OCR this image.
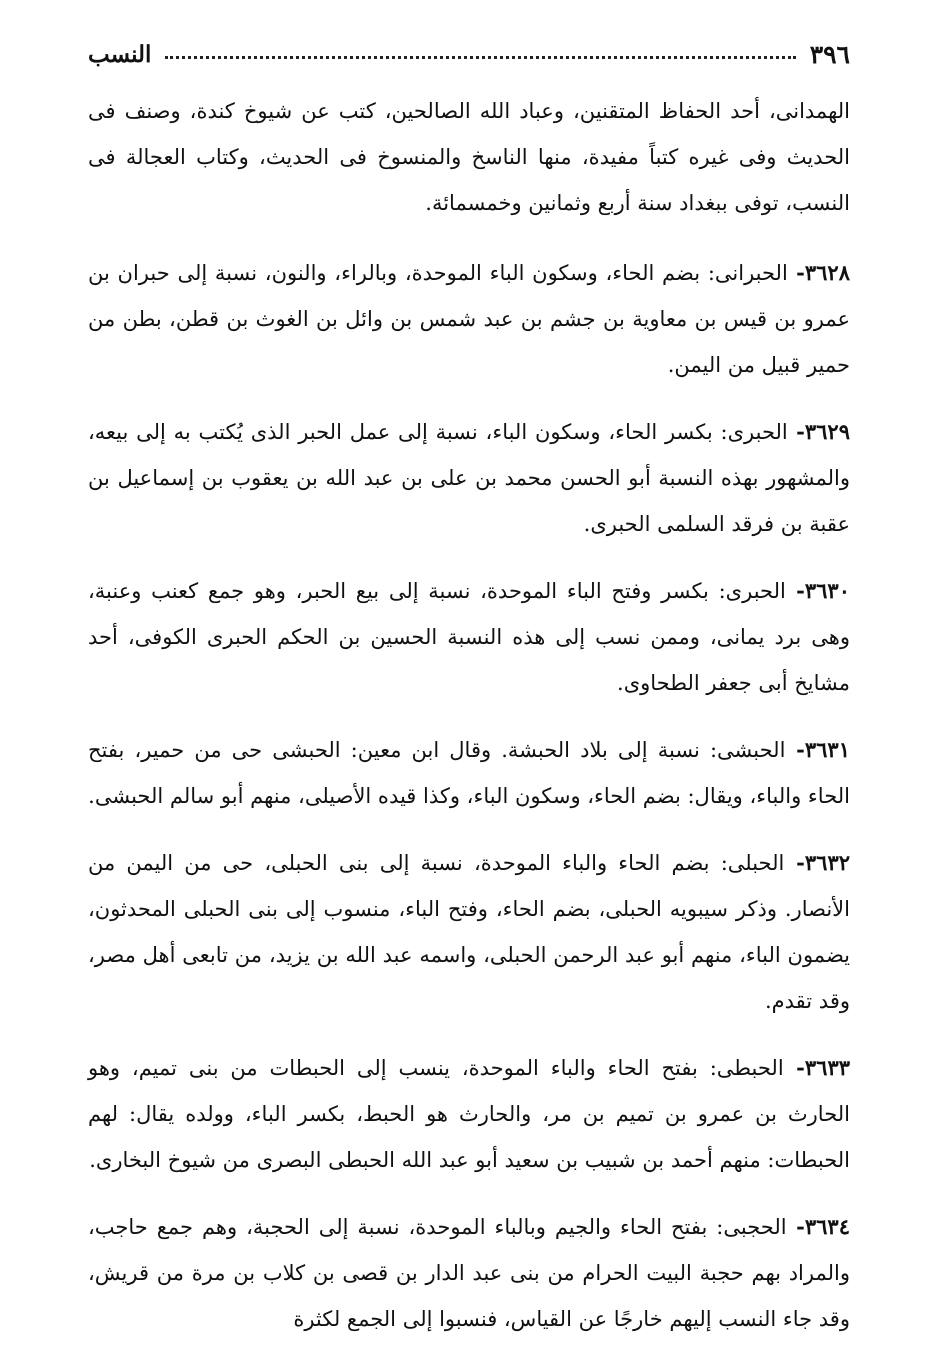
٣٩٦
النسب

الهمدانى، أحد الحفاظ المتقنين، وعباد الله الصالحين، كتب عن شيوخ كندة، وصنف فى الحديث وفى غيره كتباً مفيدة، منها الناسخ والمنسوخ فى الحديث، وكتاب العجالة فى النسب، توفى ببغداد سنة أربع وثمانين وخمسمائة.

٣٦٢٨- الحبرانى: بضم الحاء، وسكون الباء الموحدة، وبالراء، والنون، نسبة إلى حبران بن عمرو بن قيس بن معاوية بن جشم بن عبد شمس بن وائل بن الغوث بن قطن، بطن من حمير قبيل من اليمن.

٣٦٢٩- الحبرى: بكسر الحاء، وسكون الباء، نسبة إلى عمل الحبر الذى يُكتب به إلى بيعه، والمشهور بهذه النسبة أبو الحسن محمد بن على بن عبد الله بن يعقوب بن إسماعيل بن عقبة بن فرقد السلمى الحبرى.

٣٦٣٠- الحبرى: بكسر وفتح الباء الموحدة، نسبة إلى بيع الحبر، وهو جمع كعنب وعنبة، وهى برد يمانى، وممن نسب إلى هذه النسبة الحسين بن الحكم الحبرى الكوفى، أحد مشايخ أبى جعفر الطحاوى.

٣٦٣١- الحبشى: نسبة إلى بلاد الحبشة. وقال ابن معين: الحبشى حى من حمير، بفتح الحاء والباء، ويقال: بضم الحاء، وسكون الباء، وكذا قيده الأصيلى، منهم أبو سالم الحبشى.

٣٦٣٢- الحبلى: بضم الحاء والباء الموحدة، نسبة إلى بنى الحبلى، حى من اليمن من الأنصار. وذكر سيبويه الحبلى، بضم الحاء، وفتح الباء، منسوب إلى بنى الحبلى المحدثون، يضمون الباء، منهم أبو عبد الرحمن الحبلى، واسمه عبد الله بن يزيد، من تابعى أهل مصر، وقد تقدم.

٣٦٣٣- الحبطى: بفتح الحاء والباء الموحدة، ينسب إلى الحبطات من بنى تميم، وهو الحارث بن عمرو بن تميم بن مر، والحارث هو الحبط، بكسر الباء، وولده يقال: لهم الحبطات: منهم أحمد بن شبيب بن سعيد أبو عبد الله الحبطى البصرى من شيوخ البخارى.

٣٦٣٤- الحجبى: بفتح الحاء والجيم وبالباء الموحدة، نسبة إلى الحجبة، وهم جمع حاجب، والمراد بهم حجبة البيت الحرام من بنى عبد الدار بن قصى بن كلاب بن مرة من قريش، وقد جاء النسب إليهم خارجًا عن القياس، فنسبوا إلى الجمع لكثرة
